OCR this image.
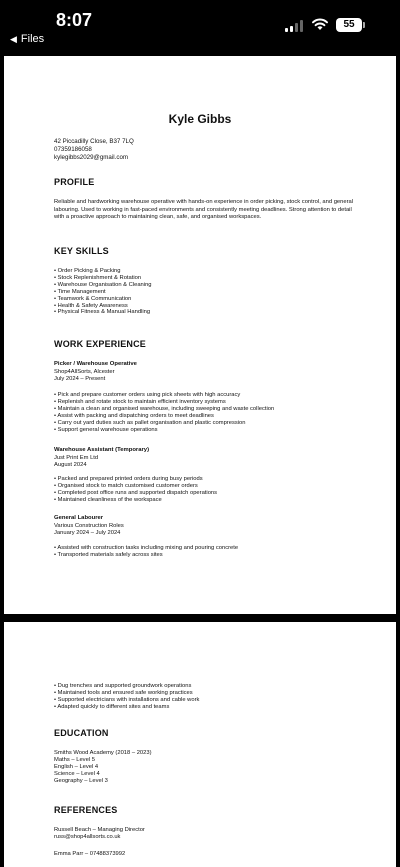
8:07
◀ Files
55
Kyle Gibbs
42 Piccadilly Close, B37 7LQ
07359186058
kylegibbs2029@gmail.com
PROFILE
Reliable and hardworking warehouse operative with hands-on experience in order picking, stock control, and general labouring. Used to working in fast-paced environments and consistently meeting deadlines. Strong attention to detail with a proactive approach to maintaining clean, safe, and organised workspaces.
KEY SKILLS
• Order Picking & Packing
• Stock Replenishment & Rotation
• Warehouse Organisation & Cleaning
• Time Management
• Teamwork & Communication
• Health & Safety Awareness
• Physical Fitness & Manual Handling
WORK EXPERIENCE
Picker / Warehouse Operative
Shop4AllSorts, Alcester
July 2024 – Present
• Pick and prepare customer orders using pick sheets with high accuracy
• Replenish and rotate stock to maintain efficient inventory systems
• Maintain a clean and organised warehouse, including sweeping and waste collection
• Assist with packing and dispatching orders to meet deadlines
• Carry out yard duties such as pallet organisation and plastic compression
• Support general warehouse operations
Warehouse Assistant (Temporary)
Just Print Em Ltd
August 2024
• Packed and prepared printed orders during busy periods
• Organised stock to match customised customer orders
• Completed post office runs and supported dispatch operations
• Maintained cleanliness of the workspace
General Labourer
Various Construction Roles
January 2024 – July 2024
• Assisted with construction tasks including mixing and pouring concrete
• Transported materials safely across sites
• Dug trenches and supported groundwork operations
• Maintained tools and ensured safe working practices
• Supported electricians with installations and cable work
• Adapted quickly to different sites and teams
EDUCATION
Smiths Wood Academy (2018 – 2023)
Maths – Level 5
English – Level 4
Science – Level 4
Geography – Level 3
REFERENCES
Russell Beach – Managing Director
russ@shop4allsorts.co.uk
Emma Parr – 07488373992
